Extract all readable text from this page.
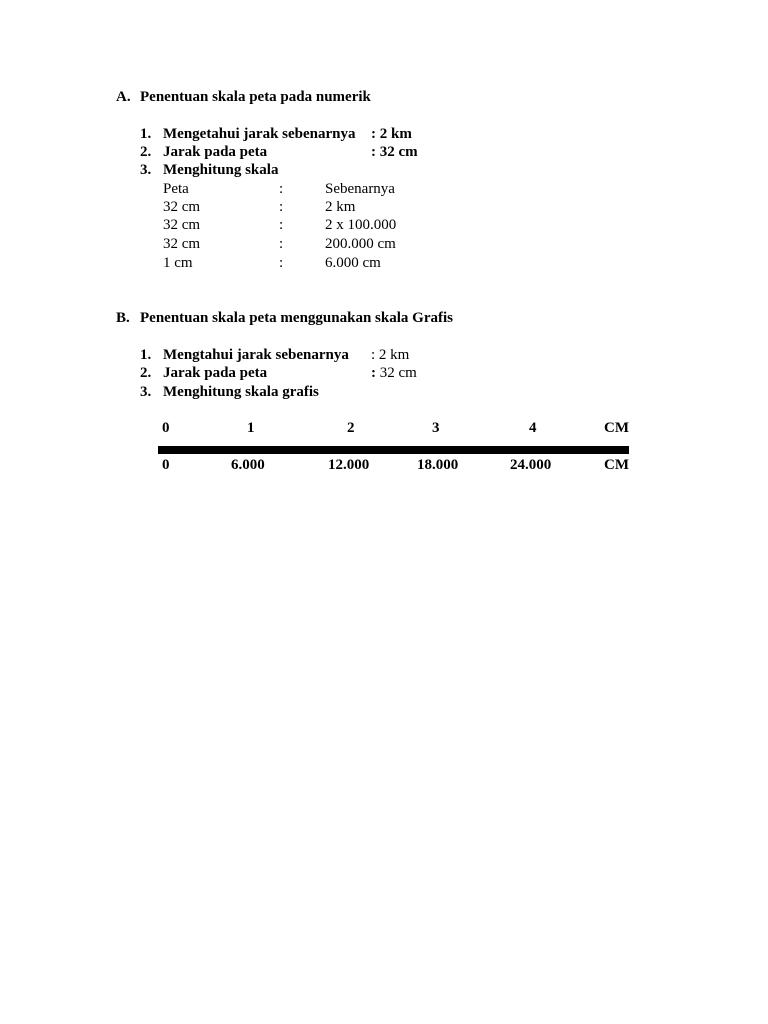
A. Penentuan skala peta pada numerik
1. Mengetahui jarak sebenarnya : 2 km
2. Jarak pada peta	: 32 cm
3. Menghitung skala
Peta	:	Sebenarnya
32 cm	:	2 km
32 cm	:	2 x 100.000
32 cm	:	200.000 cm
1 cm	:	6.000 cm
B. Penentuan skala peta menggunakan skala Grafis
1. Mengtahui jarak sebenarnya : 2 km
2. Jarak pada peta	: 32 cm
3. Menghitung skala grafis
0	1	2	3	4	CM
0	6.000	12.000	18.000	24.000	CM
